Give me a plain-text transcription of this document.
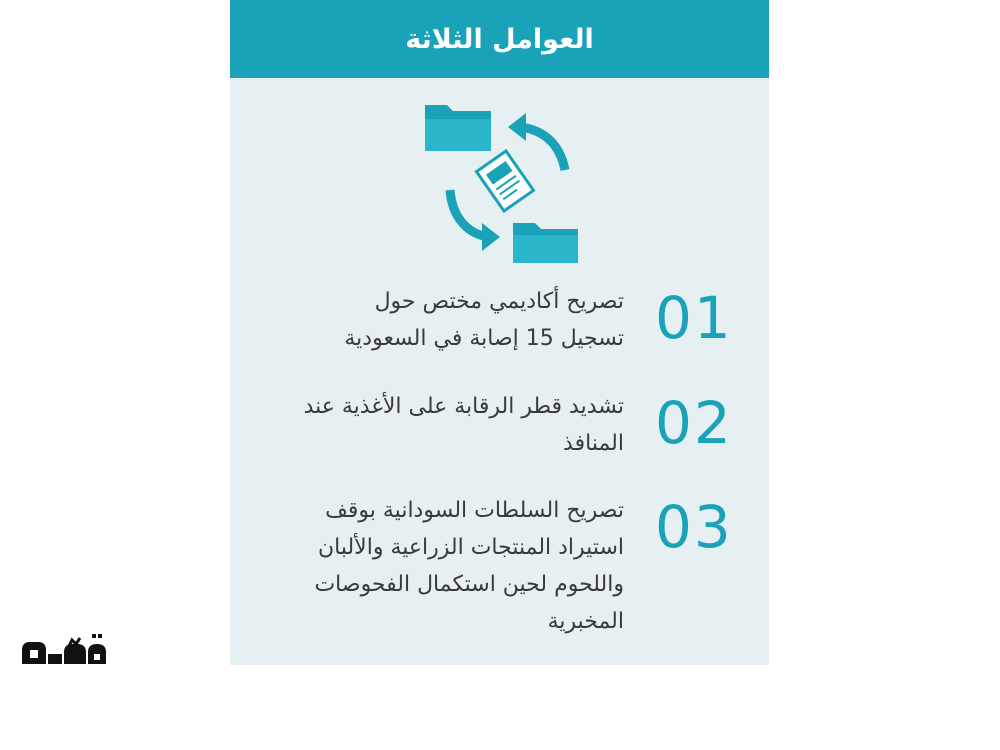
العوامل الثلاثة
01
تصريح أكاديمي مختص حول
تسجيل 15 إصابة في السعودية
02
تشديد قطر الرقابة على الأغذية عند
المنافذ
03
تصريح السلطات السودانية بوقف
استيراد المنتجات الزراعية والألبان
واللحوم لحين استكمال الفحوصات
المخبرية
